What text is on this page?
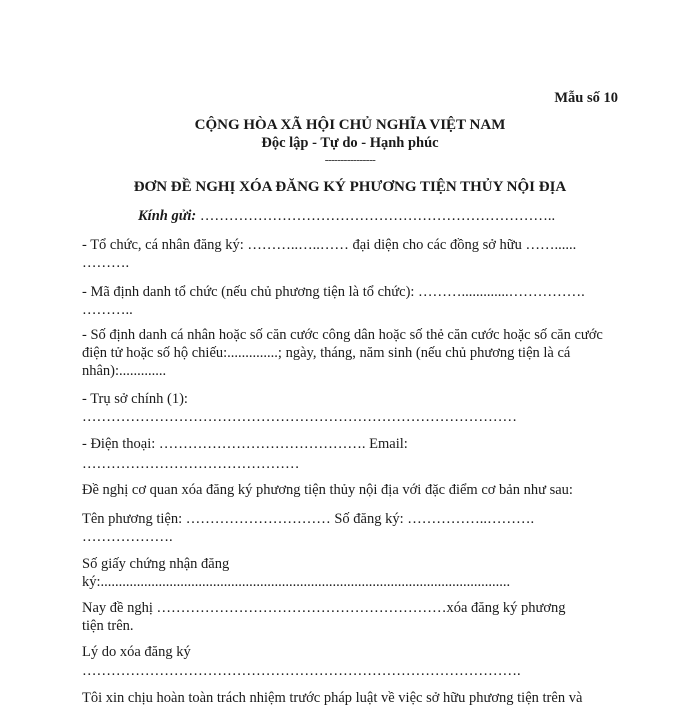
Mẫu số 10
CỘNG HÒA XÃ HỘI CHỦ NGHĨA VIỆT NAM
Độc lập - Tự do - Hạnh phúc
----------------
ĐƠN ĐỀ NGHỊ XÓA ĐĂNG KÝ PHƯƠNG TIỆN THỦY NỘI ĐỊA
Kính gửi: ………………………………………………………………..
- Tổ chức, cá nhân đăng ký: ………..…..…… đại diện cho các đồng sở hữu ……......
……….
- Mã định danh tổ chức (nếu chủ phương tiện là tổ chức): ……….............…………….
………..
- Số định danh cá nhân hoặc số căn cước công dân hoặc số thẻ căn cước hoặc số căn cước
điện tử hoặc số hộ chiếu:..............; ngày, tháng, năm sinh (nếu chủ phương tiện là cá
nhân):.............
- Trụ sở chính (1):
………………………………………………………………………………
- Điện thoại: ……………………………………. Email:
………………………………………
Đề nghị cơ quan xóa đăng ký phương tiện thủy nội địa với đặc điểm cơ bản như sau:
Tên phương tiện: ………………………… Số đăng ký: ……………..……….
……………….
Số giấy chứng nhận đăng
ký:.................................................................................................................
Nay đề nghị ……………………………………………………xóa đăng ký phương
tiện trên.
Lý do xóa đăng ký
……………………………………………………………………………….
Tôi xin chịu hoàn toàn trách nhiệm trước pháp luật về việc sở hữu phương tiện trên và
